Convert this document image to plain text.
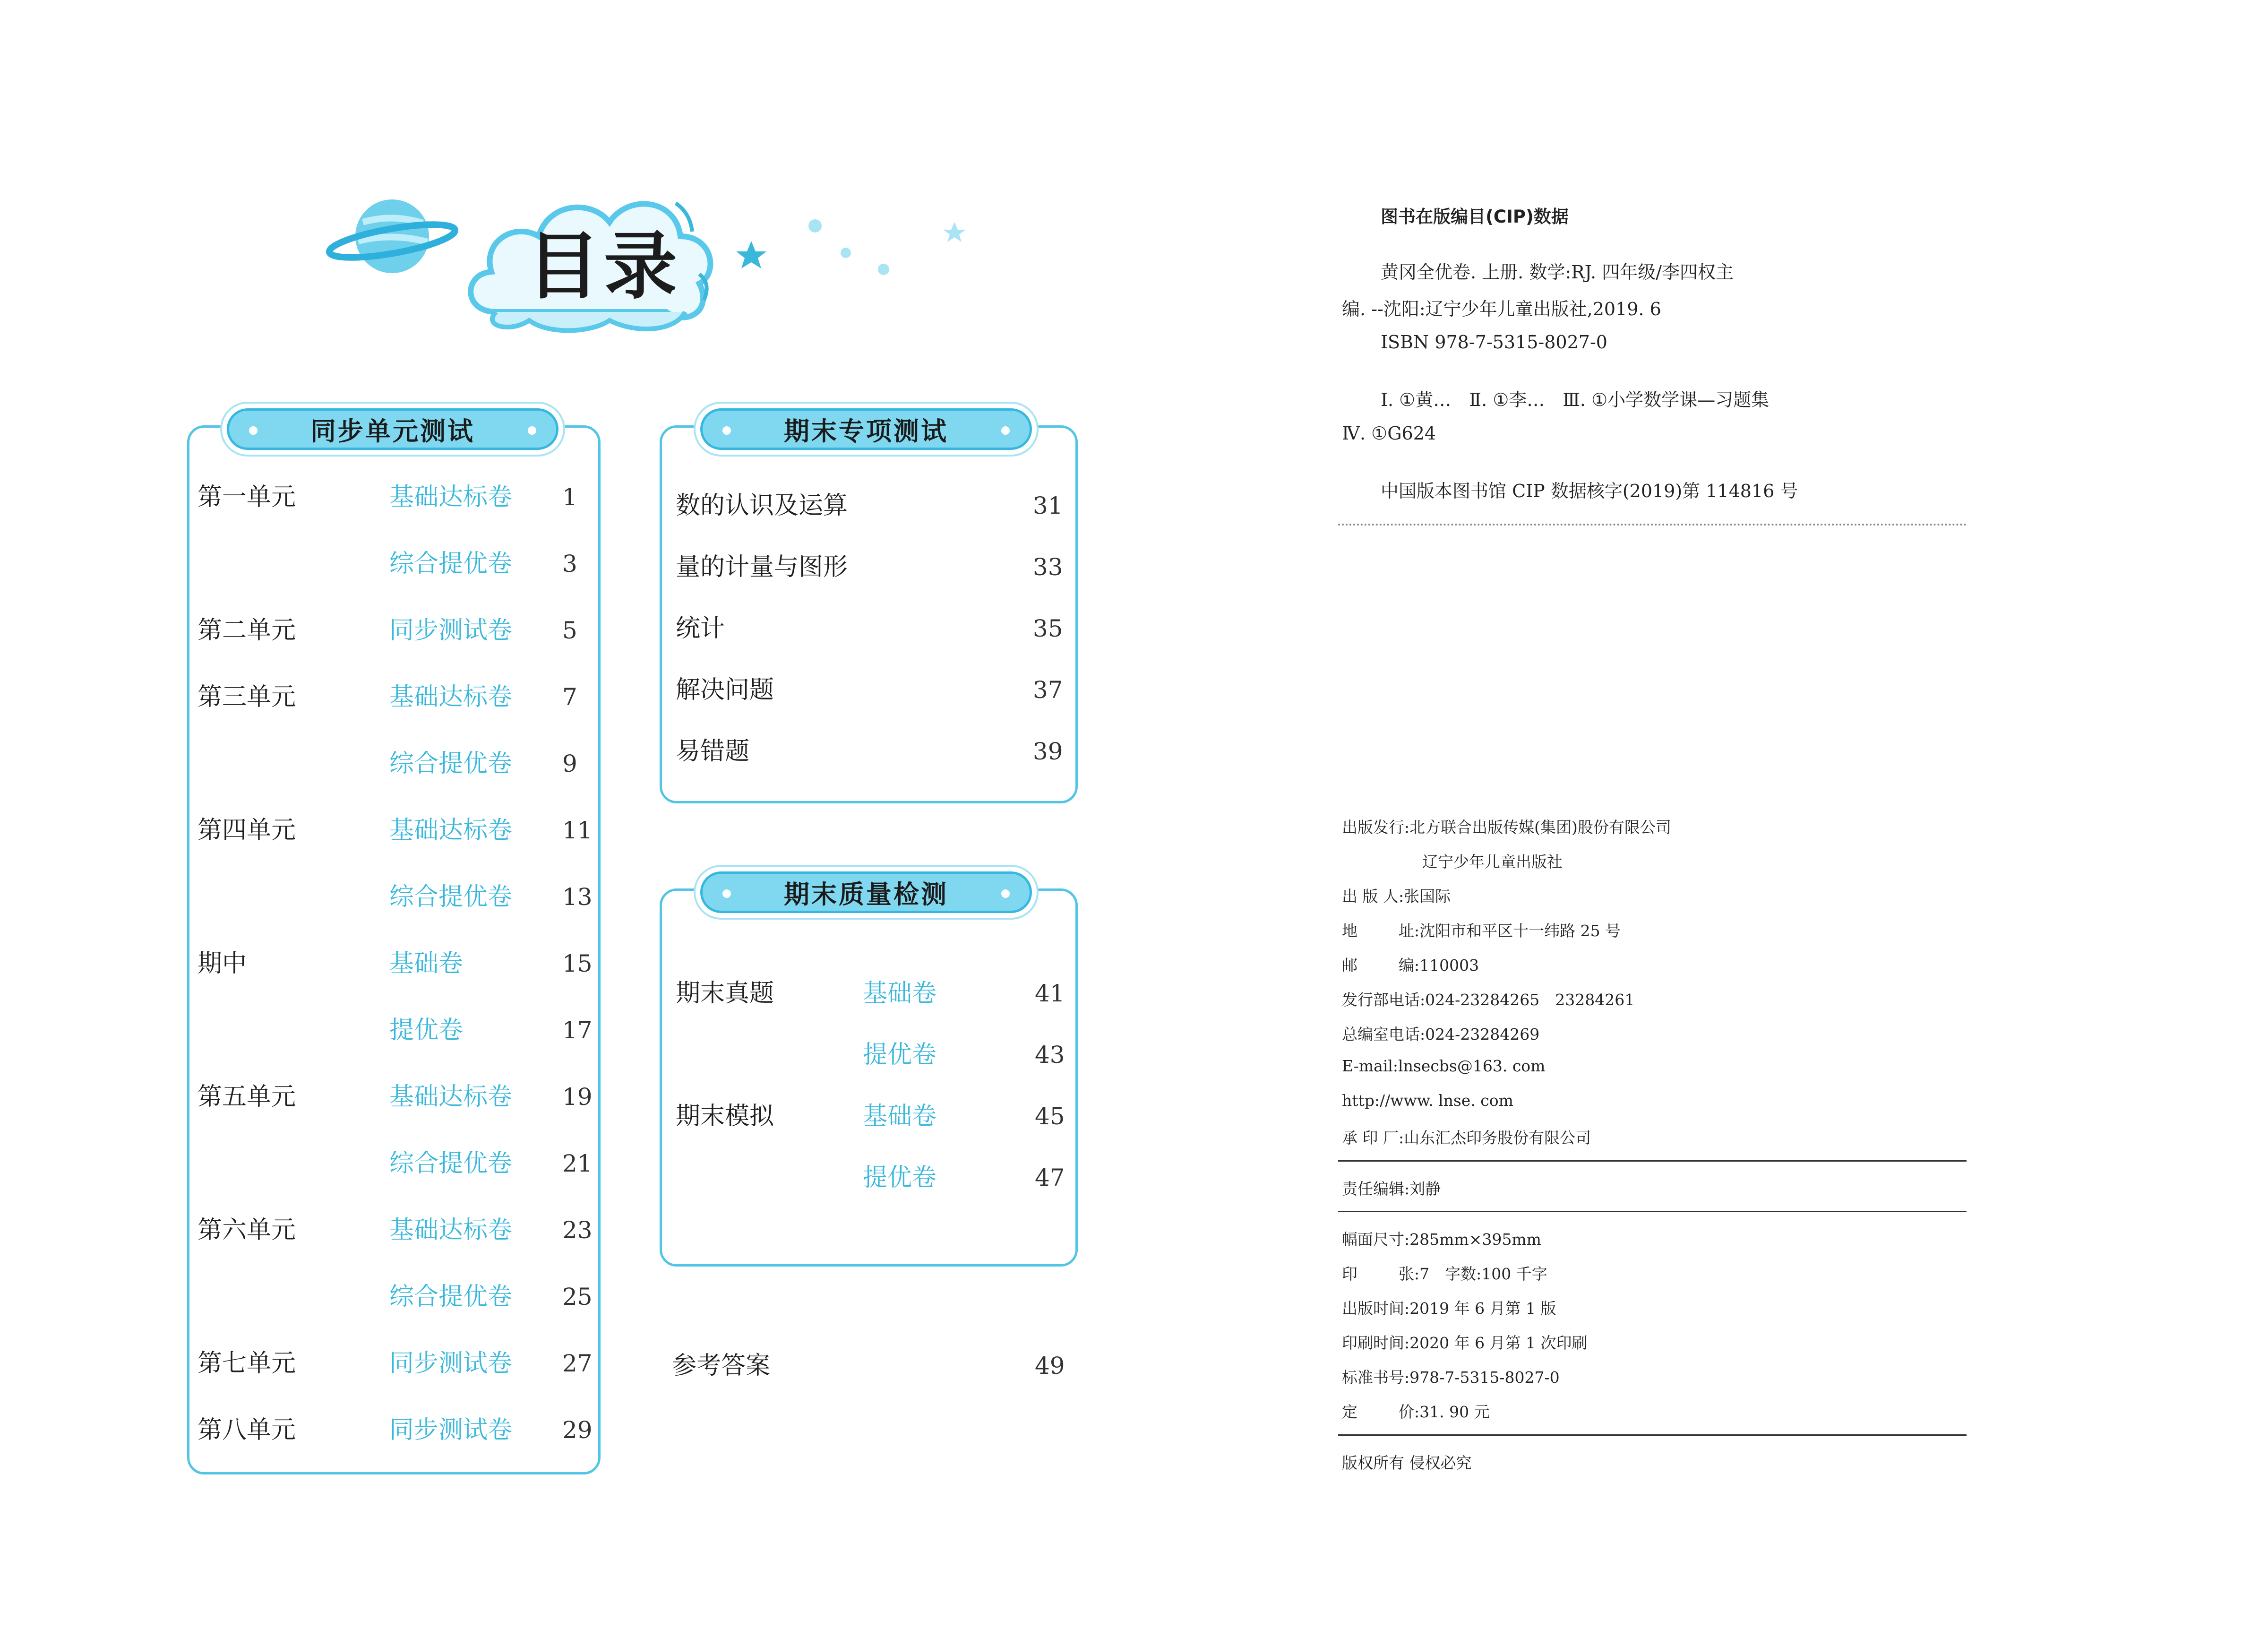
目录
同步单元测试
第一单元	基础达标卷 1
综合提优卷 3
第二单元	同步测试卷 5
第三单元	基础达标卷 7
综合提优卷 9
第四单元	基础达标卷 11
综合提优卷 13
期中	基础卷	15
提优卷	17
第五单元	基础达标卷 19
综合提优卷 21
第六单元	基础达标卷 23
综合提优卷 25
第七单元	同步测试卷 27
第八单元	同步测试卷 29
期末专项测试
数的认识及运算	31
量的计量与图形	33
统计	35
解决问题	37
易错题	39
期末质量检测
期末真题	基础卷	41
提优卷	43
期末模拟	基础卷	45
提优卷	47
参考答案	49
图书在版编目(CIP)数据
黄冈全优卷. 上册. 数学:RJ. 四年级/李四权主
编. --沈阳:辽宁少年儿童出版社,2019. 6
ISBN 978-7-5315-8027-0
Ⅰ. ①黄…　Ⅱ. ①李…　Ⅲ. ①小学数学课—习题集
Ⅳ. ①G624
中国版本图书馆 CIP 数据核字(2019)第 114816 号
出版发行:北方联合出版传媒(集团)股份有限公司
辽宁少年儿童出版社
出 版 人:张国际
地	址:沈阳市和平区十一纬路 25 号
邮	编:110003
发行部电话:024-23284265　23284261
总编室电话:024-23284269
E-mail:lnsecbs@163. com
http://www. lnse. com
承 印 厂:山东汇杰印务股份有限公司
责任编辑:刘静
幅面尺寸:285mm×395mm
印	张:7　字数:100 千字
出版时间:2019 年 6 月第 1 版
印刷时间:2020 年 6 月第 1 次印刷
标准书号:978-7-5315-8027-0
定	价:31. 90 元
版权所有 侵权必究
